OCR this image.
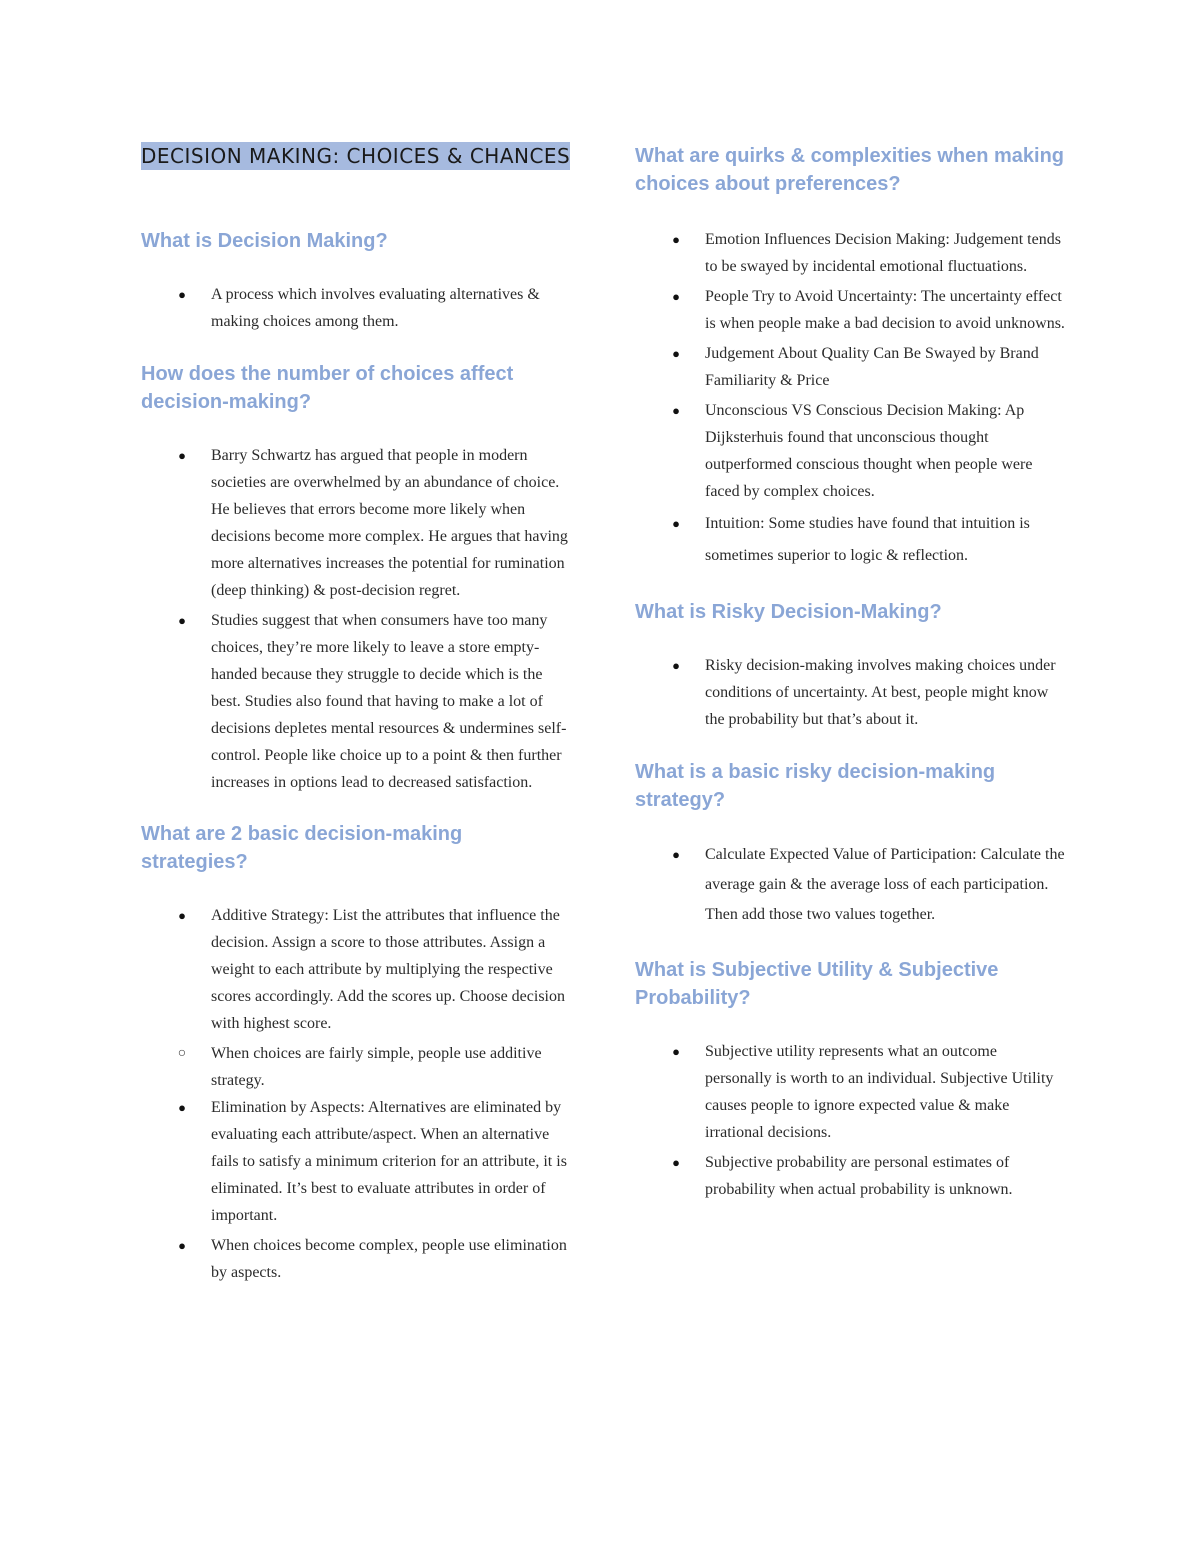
DECISION MAKING: CHOICES & CHANCES
What is Decision Making?
● A process which involves evaluating alternatives & making choices among them.
How does the number of choices affect decision-making?
● Barry Schwartz has argued that people in modern societies are overwhelmed by an abundance of choice. He believes that errors become more likely when decisions become more complex. He argues that having more alternatives increases the potential for rumination (deep thinking) & post-decision regret.
● Studies suggest that when consumers have too many choices, they’re more likely to leave a store empty-handed because they struggle to decide which is the best. Studies also found that having to make a lot of decisions depletes mental resources & undermines self-control. People like choice up to a point & then further increases in options lead to decreased satisfaction.
What are 2 basic decision-making strategies?
● Additive Strategy: List the attributes that influence the decision. Assign a score to those attributes. Assign a weight to each attribute by multiplying the respective scores accordingly. Add the scores up. Choose decision with highest score.
○ When choices are fairly simple, people use additive strategy.
● Elimination by Aspects: Alternatives are eliminated by evaluating each attribute/aspect. When an alternative fails to satisfy a minimum criterion for an attribute, it is eliminated. It’s best to evaluate attributes in order of important.
● When choices become complex, people use elimination by aspects.
What are quirks & complexities when making choices about preferences?
● Emotion Influences Decision Making: Judgement tends to be swayed by incidental emotional fluctuations.
● People Try to Avoid Uncertainty: The uncertainty effect is when people make a bad decision to avoid unknowns.
● Judgement About Quality Can Be Swayed by Brand Familiarity & Price
● Unconscious VS Conscious Decision Making: Ap Dijksterhuis found that unconscious thought outperformed conscious thought when people were faced by complex choices.
● Intuition: Some studies have found that intuition is sometimes superior to logic & reflection.
What is Risky Decision-Making?
● Risky decision-making involves making choices under conditions of uncertainty. At best, people might know the probability but that’s about it.
What is a basic risky decision-making strategy?
● Calculate Expected Value of Participation: Calculate the average gain & the average loss of each participation. Then add those two values together.
What is Subjective Utility & Subjective Probability?
● Subjective utility represents what an outcome personally is worth to an individual. Subjective Utility causes people to ignore expected value & make irrational decisions.
● Subjective probability are personal estimates of probability when actual probability is unknown.
